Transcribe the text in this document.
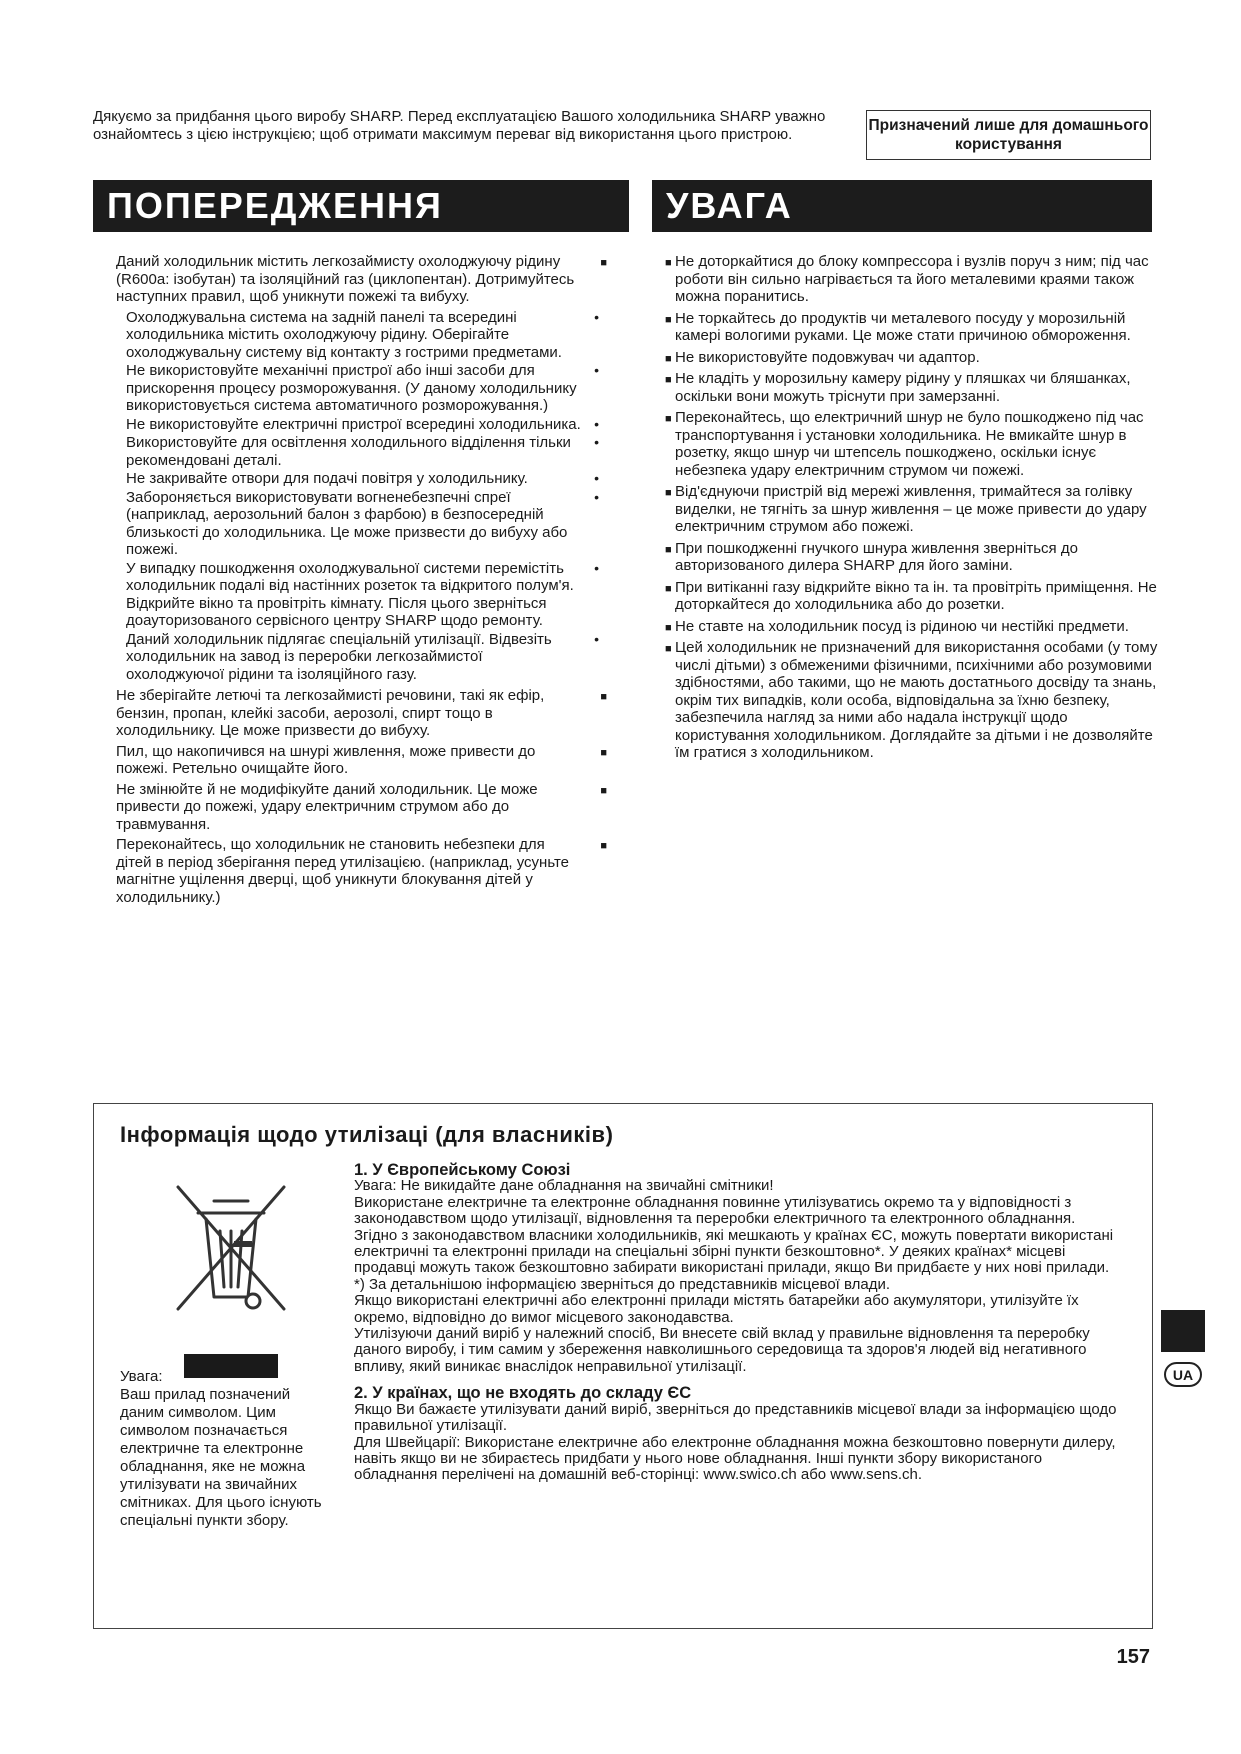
Дякуємо за придбання цього виробу SHARP. Перед експлуатацією Вашого холодильника SHARP уважно ознайомтесь з цією інструкцією; щоб отримати максимум переваг від використання цього пристрою.	Призначений лише для домашнього користування
ПОПЕРЕДЖЕННЯ	УВАГА
Даний холодильник містить легкозаймисту охолоджуючу рідину (R600a: ізобутан) та ізоляційний газ (циклопентан). Дотримуйтесь наступних правил, щоб уникнути пожежі та вибуху.
■
Охолоджувальна система на задній панелі та всередині холодильника містить охолоджуючу рідину. Оберігайте охолоджувальну систему від контакту з гострими предметами.
•
Не використовуйте механічні пристрої або інші засоби для прискорення процесу розморожування. (У даному холодильнику використовується система автоматичного розморожування.)
•
Не використовуйте електричні пристрої всередині холодильника. •
Використовуйте для освітлення холодильного відділення тільки рекомендовані деталі.
•
Не закривайте отвори для подачі повітря у холодильнику.	•
Забороняється використовувати вогненебезпечні спреї (наприклад, аерозольний балон з фарбою) в безпосередній близькості до холодильника. Це може призвести до вибуху або пожежі.
•
У випадку пошкодження охолоджувальної системи перемістіть холодильник подалі від настінних розеток та відкритого полум'я. Відкрийте вікно та провітріть кімнату. Після цього зверніться доауторизованого сервісного центру SHARP щодо ремонту.
•
Даний холодильник підлягає спеціальній утилізації. Відвезіть холодильник на завод із переробки легкозаймистої охолоджуючої рідини та ізоляційного газу.
•
Не зберігайте летючі та легкозаймисті речовини, такі як ефір, бензин, пропан, клейкі засоби, аерозолі, спирт тощо в холодильнику. Це може призвести до вибуху.
■
Пил, що накопичився на шнурі живлення, може привести до пожежі. Ретельно очищайте його.
■
Не змінюйте й не модифікуйте даний холодильник. Це може привести до пожежі, удару електричним струмом або до травмування.
■
Переконайтесь, що холодильник не становить небезпеки для дітей в період зберігання перед утилізацією. (наприклад, усуньте магнітне ущілення дверці, щоб уникнути блокування дітей у холодильнику.)
■
■ Не доторкайтися до блоку компрессора і вузлів поруч з ним; під час роботи він сильно нагрівається та його металевими краями також можна поранитись.
■ Не торкайтесь до продуктів чи металевого посуду у морозильній камері вологими руками. Це може стати причиною обмороження.
■ Не використовуйте подовжувач чи адаптор.
■ Не кладіть у морозильну камеру рідину у пляшках чи бляшанках, оскільки вони можуть тріснути при замерзанні.
■ Переконайтесь, що електричний шнур не було пошкоджено під час транспортування і установки холодильника. Не вмикайте шнур в розетку, якщо шнур чи штепсель пошкоджено, оскільки існує небезпека удару електричним струмом чи пожежі.
■ Від'єднуючи пристрій від мережі живлення, тримайтеся за голівку виделки, не тягніть за шнур живлення – це може привести до удару електричним струмом або пожежі.
■ При пошкодженні гнучкого шнура живлення зверніться до авторизованого дилера SHARP для його заміни.
■ При витіканні газу відкрийте вікно та ін. та провітріть приміщення. Не доторкайтеся до холодильника або до розетки.
■ Не ставте на холодильник посуд із рідиною чи нестійкі предмети.
■ Цей холодильник не призначений для використання особами (у тому числі дітьми) з обмеженими фізичними, психічними або розумовими здібностями, або такими, що не мають достатнього досвіду та знань, окрім тих випадків, коли особа, відповідальна за їхню безпеку, забезпечила нагляд за ними або надала інструкції щодо користування холодильником. Доглядайте за дітьми і не дозволяйте їм гратися з холодильником.
Інформація щодо утилізаці (для власників)

Увага:
Ваш прилад позначений даним символом. Цим символом позначається електричне та електронне обладнання, яке не можна утилізувати на звичайних смітниках. Для цього існують спеціальні пункти збору.

1. У Європейському Союзі

Увага: Не викидайте дане обладнання на звичайні смітники!

Використане електричне та електронне обладнання повинне утилізуватись окремо та у відповідності з законодавством щодо утилізації, відновлення та переробки електричного та електронного обладнання.

Згідно з законодавством власники холодильників, які мешкають у країнах ЄС, можуть повертати використані електричні та електронні прилади на спеціальні збірні пункти безкоштовно*. У деяких країнах* місцеві продавці можуть також безкоштовно забирати використані прилади, якщо Ви придбаєте у них нові прилади.

*) За детальнішою інформацією зверніться до представників місцевої влади.

Якщо використані електричні або електронні прилади містять батарейки або акумулятори, утилізуйте їх окремо, відповідно до вимог місцевого законодавства.

Утилізуючи даний виріб у належний спосіб, Ви внесете свій вклад у правильне відновлення та переробку даного виробу, і тим самим у збереження навколишнього середовища та здоров'я людей від негативного впливу, який виникає внаслідок неправильної утилізації.

2. У країнах, що не входять до складу ЄС

Якщо Ви бажаєте утилізувати даний виріб, зверніться до представників місцевої влади за інформацією щодо правильної утилізації.

Для Швейцарії: Використане електричне або електронне обладнання можна безкоштовно повернути дилеру, навіть якщо ви не збираєтесь придбати у нього нове обладнання. Інші пункти збору використаного обладнання перелічені на домашній веб-сторінці: www.swico.ch або www.sens.ch.

UA
157
